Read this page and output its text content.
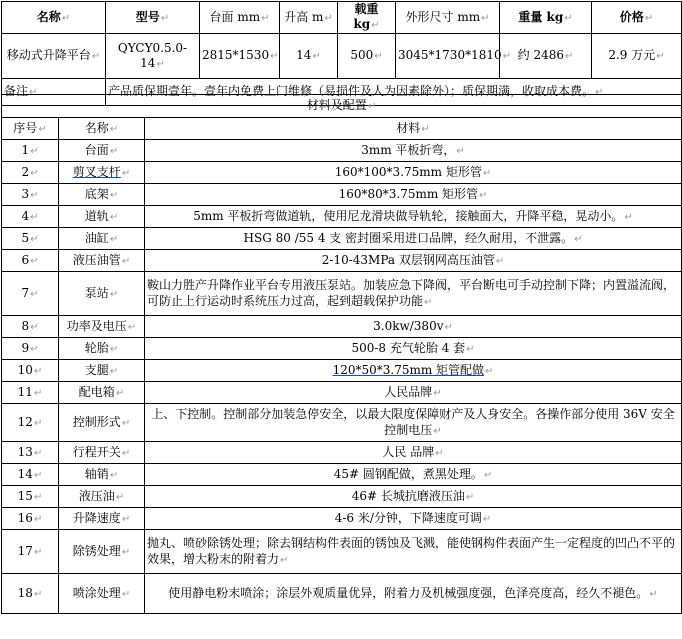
名称↵	型号↵	台面 mm↵	升高 m↵	载重 kg↵	外形尺寸 mm↵	重量 kg↵	价格↵
移动式升降平台↵	QYCY0.5.0-14↵	2815*1530↵	14↵	500↵	3045*1730*1810↵	约 2486↵	2.9 万元↵
备注↵	产品质保期壹年。壹年内免费上门维修（易损件及人为因素除外）；质保期满，收取成本费。↵						
材料及配置↵		
序号↵	名称↵	材料↵
1↵	台面↵	3mm 平板折弯，↵
2↵	剪叉支杆↵	160*100*3.75mm 矩形管↵
3↵	底架↵	160*80*3.75mm 矩形管↵
4↵	道轨↵	5mm 平板折弯做道轨，使用尼龙滑块做导轨轮，接触面大，升降平稳，晃动小。↵
5↵	油缸↵	HSG 80 /55 4 支 密封圈采用进口品牌，经久耐用，不泄露。↵
6↵	液压油管↵	2-10-43MPa 双层钢网高压油管↵
7↵	泵站↵	鞍山力胜产升降作业平台专用液压泵站。加装应急下降阀，平台断电可手动控制下降；内置溢流阀，可防止上行运动时系统压力过高，起到超载保护功能↵
8↵	功率及电压↵	3.0kw/380v↵
9↵	轮胎↵	500-8 充气轮胎 4 套↵
10↵	支腿↵	120*50*3.75mm 矩管配做↵
11↵	配电箱↵	人民品牌↵
12↵	控制形式↵	上、下控制。控制部分加装急停安全，以最大限度保障财产及人身安全。各操作部分使用 36V 安全控制电压↵
13↵	行程开关↵	人民 品牌↵
14↵	轴销↵	45# 圆钢配做，煮黑处理。↵
15↵	液压油↵	46# 长城抗磨液压油↵
16↵	升降速度↵	4-6 米/分钟，下降速度可调↵
17↵	除锈处理↵	抛丸、喷砂除锈处理；除去钢结构件表面的锈蚀及飞溅，能使钢构件表面产生一定程度的凹凸不平的效果，增大粉末的附着力↵
18↵	喷涂处理↵	使用静电粉末喷涂；涂层外观质量优异，附着力及机械强度强，色泽亮度高，经久不褪色。↵
